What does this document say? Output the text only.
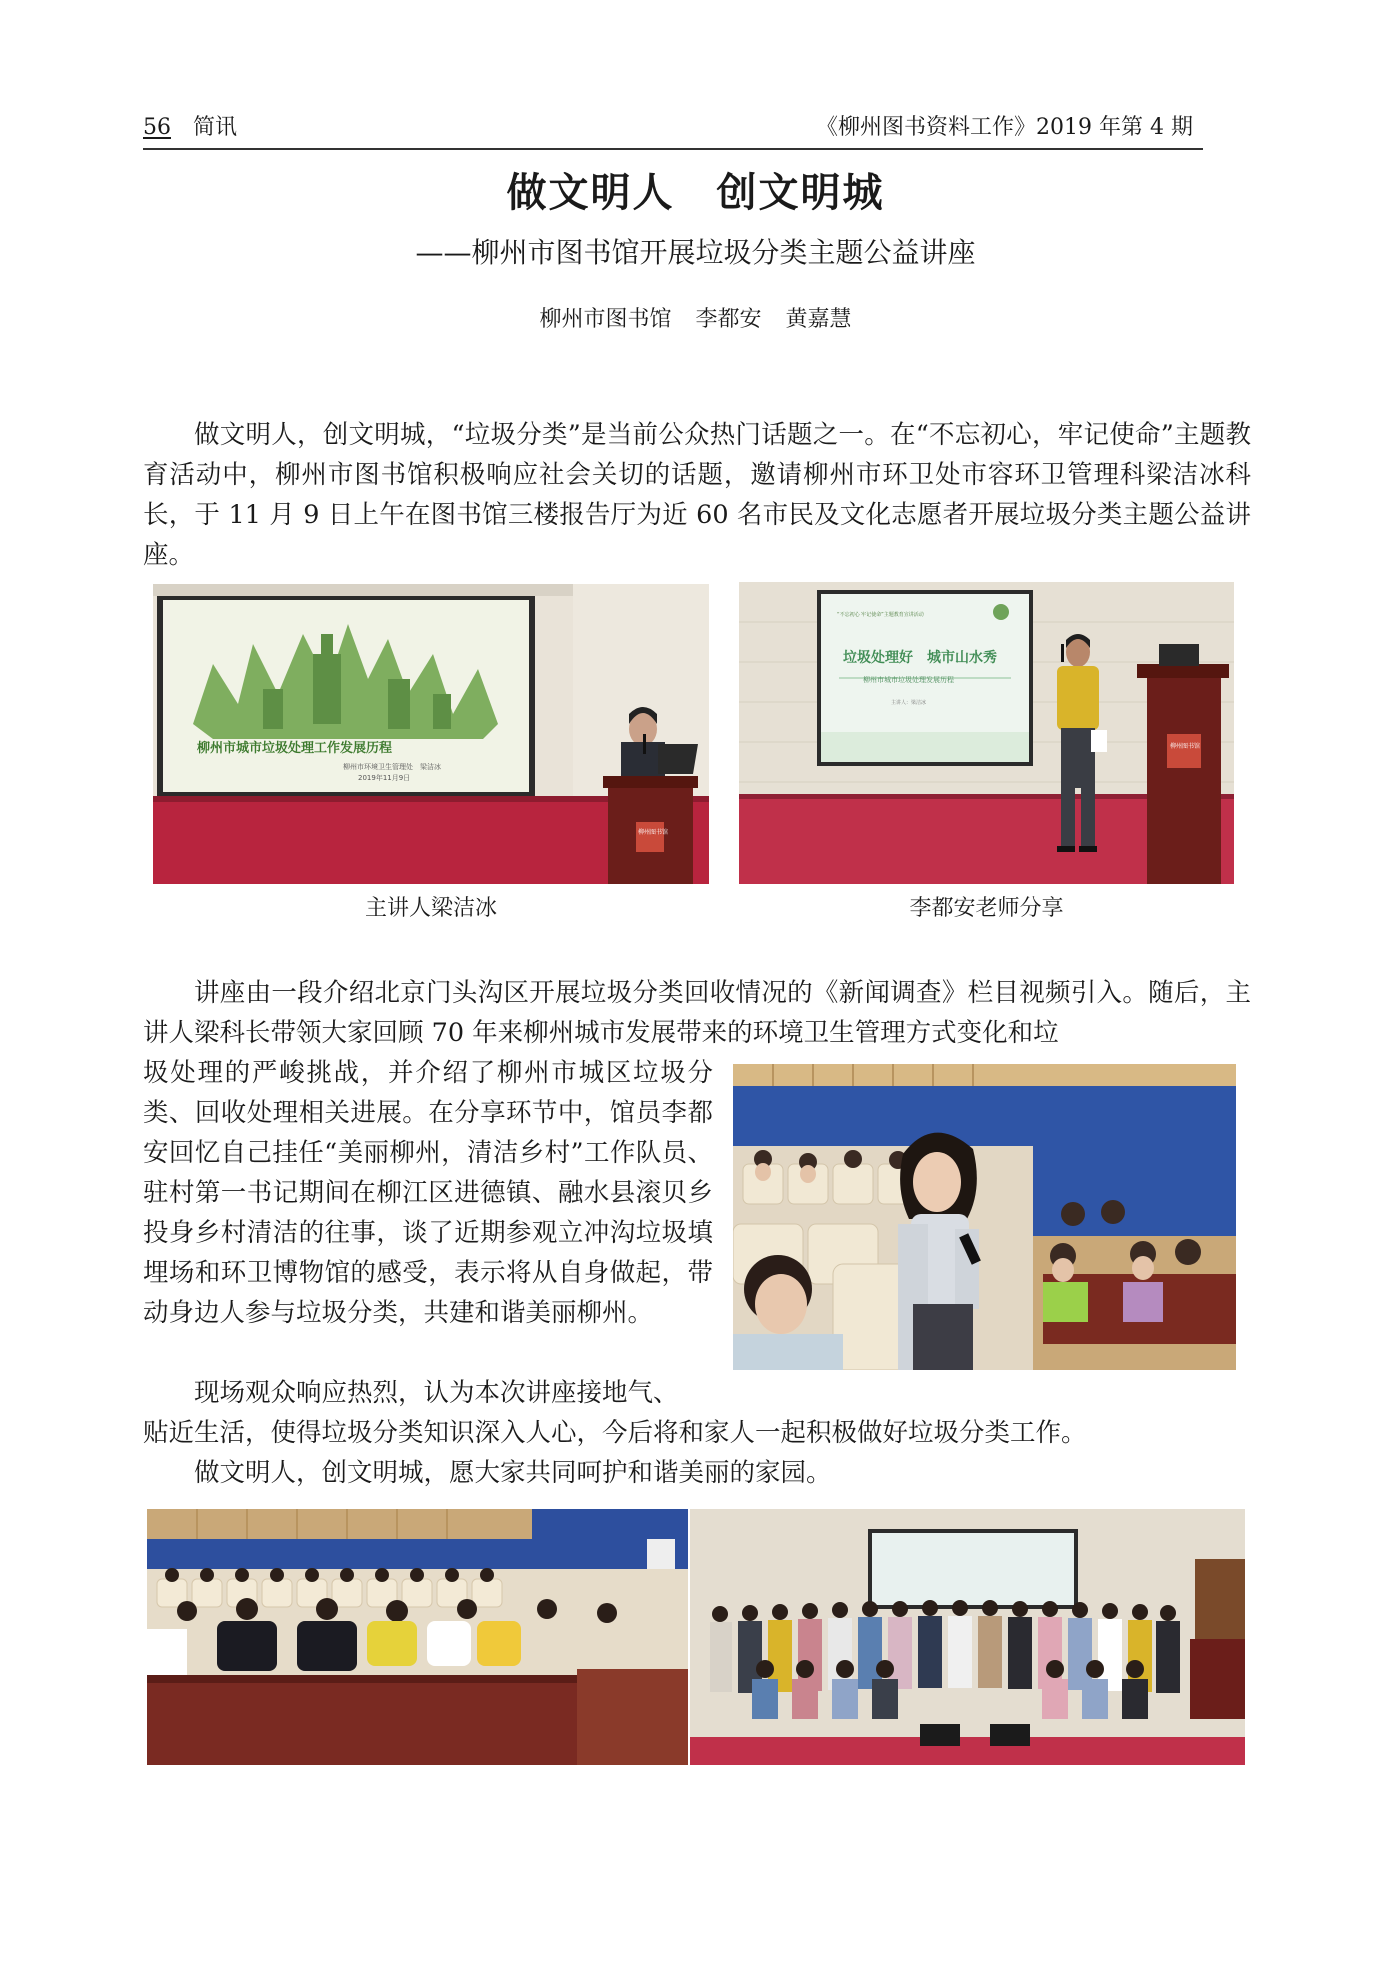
56 简讯	《柳州图书资料工作》2019 年第 4 期
做文明人　创文明城
——柳州市图书馆开展垃圾分类主题公益讲座
柳州市图书馆 李都安 黄嘉慧

做文明人，创文明城，“垃圾分类”是当前公众热门话题之一。在“不忘初心，牢记使命”主题教育活动中，柳州市图书馆积极响应社会关切的话题，邀请柳州市环卫处市容环卫管理科梁洁冰科长，于 11 月 9 日上午在图书馆三楼报告厅为近 60 名市民及文化志愿者开展垃圾分类主题公益讲座。

柳州市城市垃圾处理工作发展历程
柳州市环境卫生管理处　梁洁冰
2019年11月9日
柳州图书馆
“不忘初心 牢记使命”主题教育宣讲活动
垃圾处理好　城市山水秀
柳州市城市垃圾处理发展历程
主讲人：梁洁冰
柳州图书馆
主讲人梁洁冰	李都安老师分享

讲座由一段介绍北京门头沟区开展垃圾分类回收情况的《新闻调查》栏目视频引入。随后，主讲人梁科长带领大家回顾 70 年来柳州城市发展带来的环境卫生管理方式变化和垃

圾处理的严峻挑战，并介绍了柳州市城区垃圾分类、回收处理相关进展。在分享环节中，馆员李都安回忆自己挂任“美丽柳州，清洁乡村”工作队员、驻村第一书记期间在柳江区进德镇、融水县滚贝乡投身乡村清洁的往事，谈了近期参观立冲沟垃圾填埋场和环卫博物馆的感受，表示将从自身做起，带动身边人参与垃圾分类，共建和谐美丽柳州。

现场观众响应热烈，认为本次讲座接地气、

贴近生活，使得垃圾分类知识深入人心，今后将和家人一起积极做好垃圾分类工作。

做文明人，创文明城，愿大家共同呵护和谐美丽的家园。
